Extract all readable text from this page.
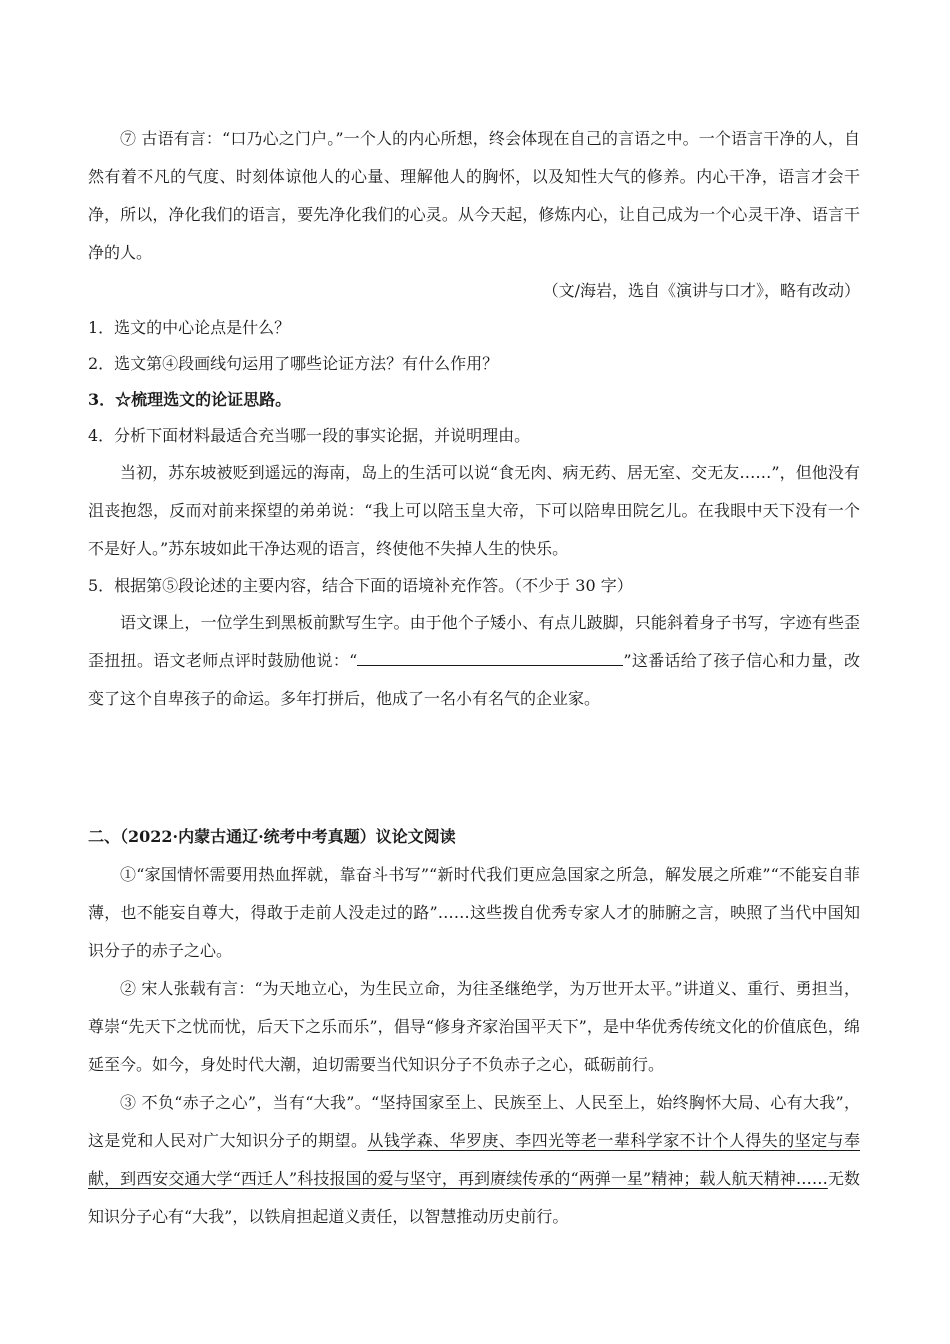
⑦ 古语有言：“口乃心之门户。”一个人的内心所想，终会体现在自己的言语之中。一个语言干净的人，自然有着不凡的气度、时刻体谅他人的心量、理解他人的胸怀，以及知性大气的修养。内心干净，语言才会干净，所以，净化我们的语言，要先净化我们的心灵。从今天起，修炼内心，让自己成为一个心灵干净、语言干净的人。

（文/海岩，选自《演讲与口才》，略有改动）

1．选文的中心论点是什么？

2．选文第④段画线句运用了哪些论证方法？有什么作用？

3．☆梳理选文的论证思路。

4．分析下面材料最适合充当哪一段的事实论据，并说明理由。

当初，苏东坡被贬到遥远的海南，岛上的生活可以说“食无肉、病无药、居无室、交无友……”，但他没有沮丧抱怨，反而对前来探望的弟弟说：“我上可以陪玉皇大帝，下可以陪卑田院乞儿。在我眼中天下没有一个不是好人。”苏东坡如此干净达观的语言，终使他不失掉人生的快乐。

5．根据第⑤段论述的主要内容，结合下面的语境补充作答。（不少于 30 字）

语文课上，一位学生到黑板前默写生字。由于他个子矮小、有点儿跛脚，只能斜着身子书写，字迹有些歪歪扭扭。语文老师点评时鼓励他说：“	”这番话给了孩子信心和力量，改变了这个自卑孩子的命运。多年打拼后，他成了一名小有名气的企业家。

二、（2022·内蒙古通辽·统考中考真题）议论文阅读

①“家国情怀需要用热血挥就，靠奋斗书写”“新时代我们更应急国家之所急，解发展之所难”“不能妄自菲薄，也不能妄自尊大，得敢于走前人没走过的路”……这些拨自优秀专家人才的肺腑之言，映照了当代中国知识分子的赤子之心。

② 宋人张载有言：“为天地立心，为生民立命，为往圣继绝学，为万世开太平。”讲道义、重行、勇担当，尊崇“先天下之忧而忧，后天下之乐而乐”，倡导“修身齐家治国平天下”，是中华优秀传统文化的价值底色，绵延至今。如今，身处时代大潮，迫切需要当代知识分子不负赤子之心，砥砺前行。

③ 不负“赤子之心”，当有“大我”。“坚持国家至上、民族至上、人民至上，始终胸怀大局、心有大我”，这是党和人民对广大知识分子的期望。从钱学森、华罗庚、李四光等老一辈科学家不计个人得失的坚定与奉献，到西安交通大学“西迁人”科技报国的爱与坚守，再到赓续传承的“两弹一星”精神；载人航天精神……无数知识分子心有“大我”，以铁肩担起道义责任，以智慧推动历史前行。
